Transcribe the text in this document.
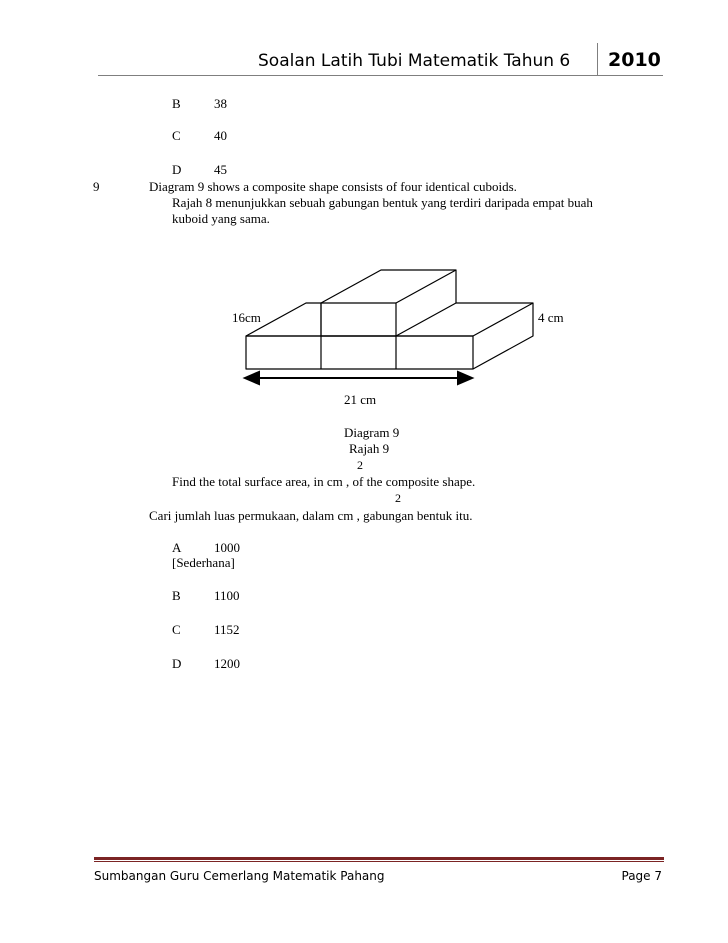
Soalan Latih Tubi Matematik Tahun 6 2010
B	38
C	40
D	45
9	Diagram 9 shows a composite shape consists of four identical cuboids.
Rajah 8 menunjukkan sebuah gabungan bentuk yang terdiri daripada empat buah
kuboid yang sama.
16cm	4 cm
21 cm
Diagram 9
Rajah 9
2
Find the total surface area, in cm , of the composite shape.
2
Cari jumlah luas permukaan, dalam cm , gabungan bentuk itu.
A	1000
[Sederhana]
B	1100
C	1152
D	1200
Sumbangan Guru Cemerlang Matematik Pahang	Page 7
